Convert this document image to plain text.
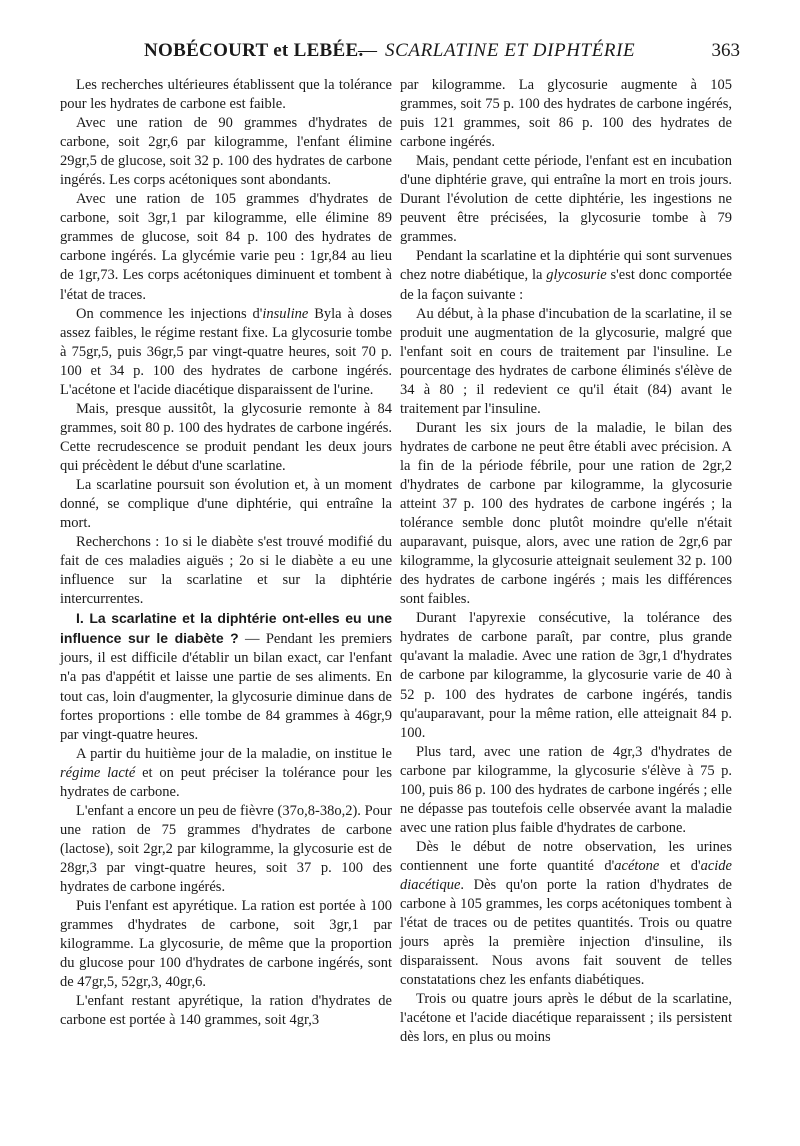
NOBÉCOURT et LEBÉE.
— SCARLATINE ET DIPHTÉRIE	363

Les recherches ultérieures établissent que la tolérance pour les hydrates de carbone est faible.

Avec une ration de 90 grammes d'hydrates de carbone, soit 2gr,6 par kilogramme, l'enfant élimine 29gr,5 de glucose, soit 32 p. 100 des hydrates de carbone ingérés. Les corps acétoniques sont abondants.

Avec une ration de 105 grammes d'hydrates de carbone, soit 3gr,1 par kilogramme, elle élimine 89 grammes de glucose, soit 84 p. 100 des hydrates de carbone ingérés. La glycémie varie peu : 1gr,84 au lieu de 1gr,73. Les corps acétoniques diminuent et tombent à l'état de traces.

On commence les injections d'insuline Byla à doses assez faibles, le régime restant fixe. La glycosurie tombe à 75gr,5, puis 36gr,5 par vingt-quatre heures, soit 70 p. 100 et 34 p. 100 des hydrates de carbone ingérés. L'acétone et l'acide diacétique disparaissent de l'urine.

Mais, presque aussitôt, la glycosurie remonte à 84 grammes, soit 80 p. 100 des hydrates de carbone ingérés. Cette recrudescence se produit pendant les deux jours qui précèdent le début d'une scarlatine.

La scarlatine poursuit son évolution et, à un moment donné, se complique d'une diphtérie, qui entraîne la mort.

Recherchons : 1o si le diabète s'est trouvé modifié du fait de ces maladies aiguës ; 2o si le diabète a eu une influence sur la scarlatine et sur la diphtérie intercurrentes.

I. La scarlatine et la diphtérie ont-elles eu une influence sur le diabète ? — Pendant les premiers jours, il est difficile d'établir un bilan exact, car l'enfant n'a pas d'appétit et laisse une partie de ses aliments. En tout cas, loin d'augmenter, la glycosurie diminue dans de fortes proportions : elle tombe de 84 grammes à 46gr,9 par vingt-quatre heures.

A partir du huitième jour de la maladie, on institue le régime lacté et on peut préciser la tolérance pour les hydrates de carbone.

L'enfant a encore un peu de fièvre (37o,8-38o,2). Pour une ration de 75 grammes d'hydrates de carbone (lactose), soit 2gr,2 par kilogramme, la glycosurie est de 28gr,3 par vingt-quatre heures, soit 37 p. 100 des hydrates de carbone ingérés.

Puis l'enfant est apyrétique. La ration est portée à 100 grammes d'hydrates de carbone, soit 3gr,1 par kilogramme. La glycosurie, de même que la proportion du glucose pour 100 d'hydrates de carbone ingérés, sont de 47gr,5, 52gr,3, 40gr,6.

L'enfant restant apyrétique, la ration d'hydrates de carbone est portée à 140 grammes, soit 4gr,3

par kilogramme. La glycosurie augmente à 105 grammes, soit 75 p. 100 des hydrates de carbone ingérés, puis 121 grammes, soit 86 p. 100 des hydrates de carbone ingérés.

Mais, pendant cette période, l'enfant est en incubation d'une diphtérie grave, qui entraîne la mort en trois jours. Durant l'évolution de cette diphtérie, les ingestions ne peuvent être précisées, la glycosurie tombe à 79 grammes.

Pendant la scarlatine et la diphtérie qui sont survenues chez notre diabétique, la glycosurie s'est donc comportée de la façon suivante :

Au début, à la phase d'incubation de la scarlatine, il se produit une augmentation de la glycosurie, malgré que l'enfant soit en cours de traitement par l'insuline. Le pourcentage des hydrates de carbone éliminés s'élève de 34 à 80 ; il redevient ce qu'il était (84) avant le traitement par l'insuline.

Durant les six jours de la maladie, le bilan des hydrates de carbone ne peut être établi avec précision. A la fin de la période fébrile, pour une ration de 2gr,2 d'hydrates de carbone par kilogramme, la glycosurie atteint 37 p. 100 des hydrates de carbone ingérés ; la tolérance semble donc plutôt moindre qu'elle n'était auparavant, puisque, alors, avec une ration de 2gr,6 par kilogramme, la glycosurie atteignait seulement 32 p. 100 des hydrates de carbone ingérés ; mais les différences sont faibles.

Durant l'apyrexie consécutive, la tolérance des hydrates de carbone paraît, par contre, plus grande qu'avant la maladie. Avec une ration de 3gr,1 d'hydrates de carbone par kilogramme, la glycosurie varie de 40 à 52 p. 100 des hydrates de carbone ingérés, tandis qu'auparavant, pour la même ration, elle atteignait 84 p. 100.

Plus tard, avec une ration de 4gr,3 d'hydrates de carbone par kilogramme, la glycosurie s'élève à 75 p. 100, puis 86 p. 100 des hydrates de carbone ingérés ; elle ne dépasse pas toutefois celle observée avant la maladie avec une ration plus faible d'hydrates de carbone.

Dès le début de notre observation, les urines contiennent une forte quantité d'acétone et d'acide diacétique. Dès qu'on porte la ration d'hydrates de carbone à 105 grammes, les corps acétoniques tombent à l'état de traces ou de petites quantités. Trois ou quatre jours après la première injection d'insuline, ils disparaissent. Nous avons fait souvent de telles constatations chez les enfants diabétiques.

Trois ou quatre jours après le début de la scarlatine, l'acétone et l'acide diacétique reparaissent ; ils persistent dès lors, en plus ou moins
